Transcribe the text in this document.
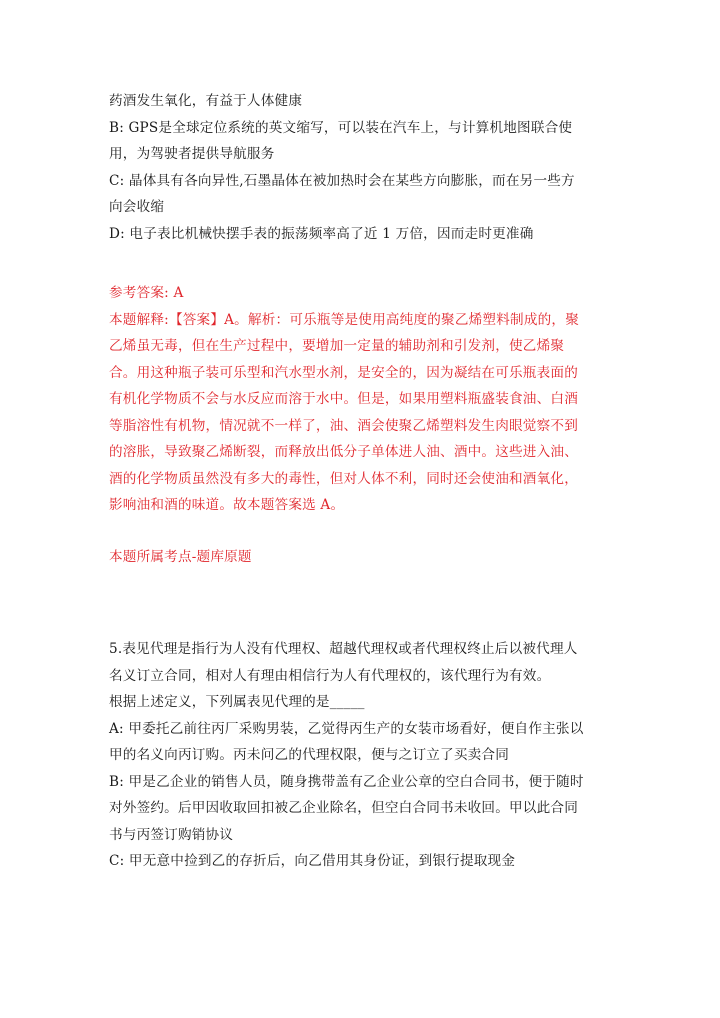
药酒发生氧化，有益于人体健康
B: GPS是全球定位系统的英文缩写，可以装在汽车上，与计算机地图联合使
用，为驾驶者提供导航服务
C: 晶体具有各向异性,石墨晶体在被加热时会在某些方向膨胀，而在另一些方
向会收缩
D: 电子表比机械快摆手表的振荡频率高了近 1 万倍，因而走时更准确
参考答案: A
本题解释:【答案】A。解析：可乐瓶等是使用高纯度的聚乙烯塑料制成的，聚
乙烯虽无毒，但在生产过程中，要增加一定量的辅助剂和引发剂，使乙烯聚
合。用这种瓶子装可乐型和汽水型水剂，是安全的，因为凝结在可乐瓶表面的
有机化学物质不会与水反应而溶于水中。但是，如果用塑料瓶盛装食油、白酒
等脂溶性有机物，情况就不一样了，油、酒会使聚乙烯塑料发生肉眼觉察不到
的溶胀，导致聚乙烯断裂，而释放出低分子单体进人油、酒中。这些进入油、
酒的化学物质虽然没有多大的毒性，但对人体不利，同时还会使油和酒氧化，
影响油和酒的味道。故本题答案选 A。
本题所属考点-题库原题
5.表见代理是指行为人没有代理权、超越代理权或者代理权终止后以被代理人
名义订立合同，相对人有理由相信行为人有代理权的，该代理行为有效。
根据上述定义，下列属表见代理的是_____
A: 甲委托乙前往丙厂采购男装，乙觉得丙生产的女装市场看好，便自作主张以
甲的名义向丙订购。丙未问乙的代理权限，便与之订立了买卖合同
B: 甲是乙企业的销售人员，随身携带盖有乙企业公章的空白合同书，便于随时
对外签约。后甲因收取回扣被乙企业除名，但空白合同书未收回。甲以此合同
书与丙签订购销协议
C: 甲无意中捡到乙的存折后，向乙借用其身份证，到银行提取现金
